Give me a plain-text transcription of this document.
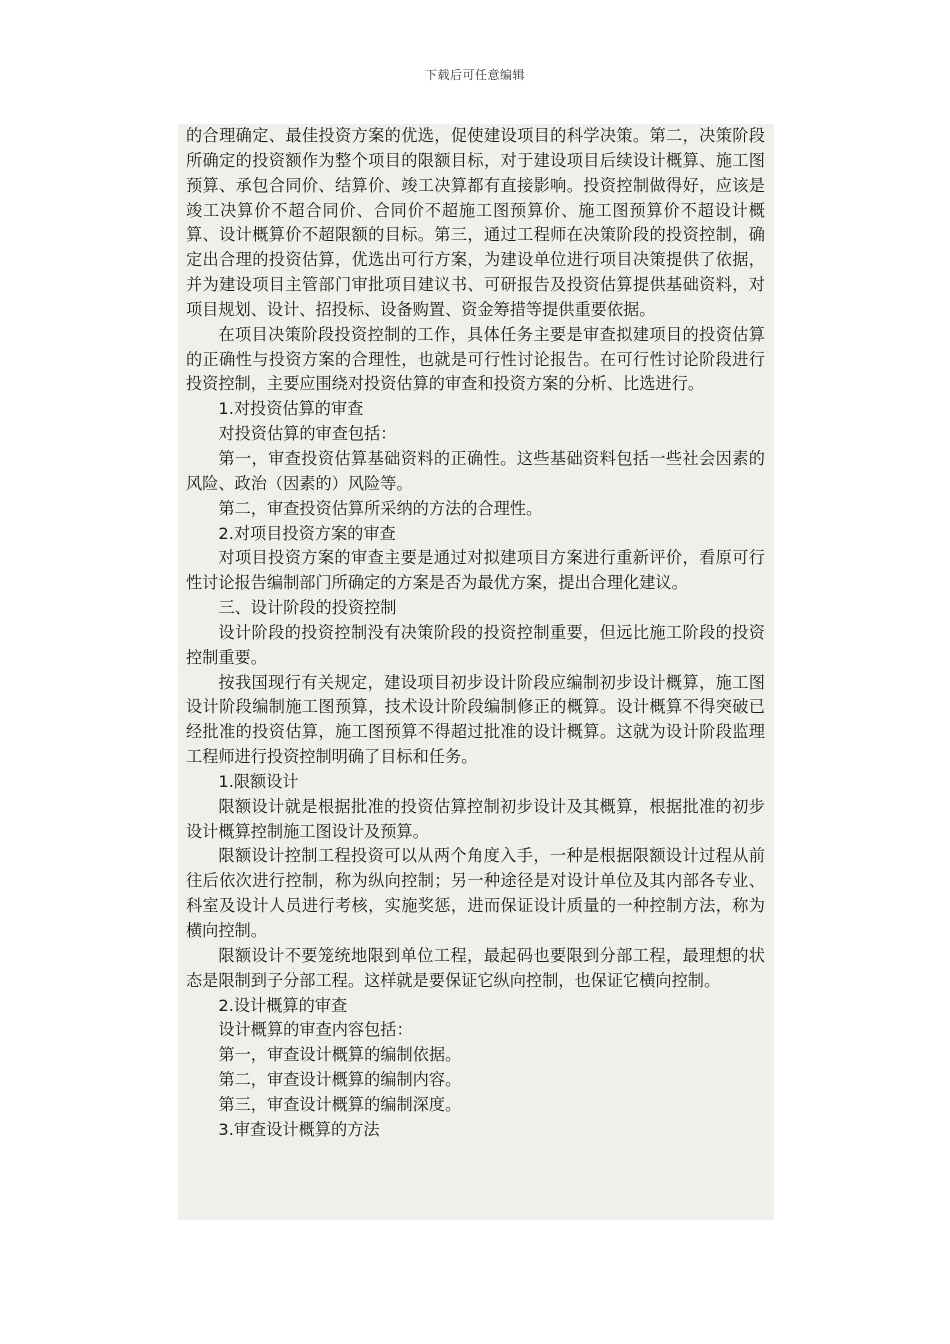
下载后可任意编辑

的合理确定、最佳投资方案的优选，促使建设项目的科学决策。第二，决策阶段所确定的投资额作为整个项目的限额目标，对于建设项目后续设计概算、施工图预算、承包合同价、结算价、竣工决算都有直接影响。投资控制做得好，应该是竣工决算价不超合同价、合同价不超施工图预算价、施工图预算价不超设计概算、设计概算价不超限额的目标。第三，通过工程师在决策阶段的投资控制，确定出合理的投资估算，优选出可行方案，为建设单位进行项目决策提供了依据，并为建设项目主管部门审批项目建议书、可研报告及投资估算提供基础资料，对项目规划、设计、招投标、设备购置、资金筹措等提供重要依据。

在项目决策阶段投资控制的工作，具体任务主要是审查拟建项目的投资估算的正确性与投资方案的合理性，也就是可行性讨论报告。在可行性讨论阶段进行投资控制，主要应围绕对投资估算的审查和投资方案的分析、比选进行。

1.对投资估算的审查

对投资估算的审查包括：

第一，审查投资估算基础资料的正确性。这些基础资料包括一些社会因素的风险、政治（因素的）风险等。

第二，审查投资估算所采纳的方法的合理性。

2.对项目投资方案的审查

对项目投资方案的审查主要是通过对拟建项目方案进行重新评价，看原可行性讨论报告编制部门所确定的方案是否为最优方案，提出合理化建议。

三、设计阶段的投资控制

设计阶段的投资控制没有决策阶段的投资控制重要，但远比施工阶段的投资控制重要。

按我国现行有关规定，建设项目初步设计阶段应编制初步设计概算，施工图设计阶段编制施工图预算，技术设计阶段编制修正的概算。设计概算不得突破已经批准的投资估算，施工图预算不得超过批准的设计概算。这就为设计阶段监理工程师进行投资控制明确了目标和任务。

1.限额设计

限额设计就是根据批准的投资估算控制初步设计及其概算，根据批准的初步设计概算控制施工图设计及预算。

限额设计控制工程投资可以从两个角度入手，一种是根据限额设计过程从前往后依次进行控制，称为纵向控制；另一种途径是对设计单位及其内部各专业、科室及设计人员进行考核，实施奖惩，进而保证设计质量的一种控制方法，称为横向控制。

限额设计不要笼统地限到单位工程，最起码也要限到分部工程，最理想的状态是限制到子分部工程。这样就是要保证它纵向控制，也保证它横向控制。

2.设计概算的审查

设计概算的审查内容包括：

第一，审查设计概算的编制依据。

第二，审查设计概算的编制内容。

第三，审查设计概算的编制深度。

3.审查设计概算的方法
